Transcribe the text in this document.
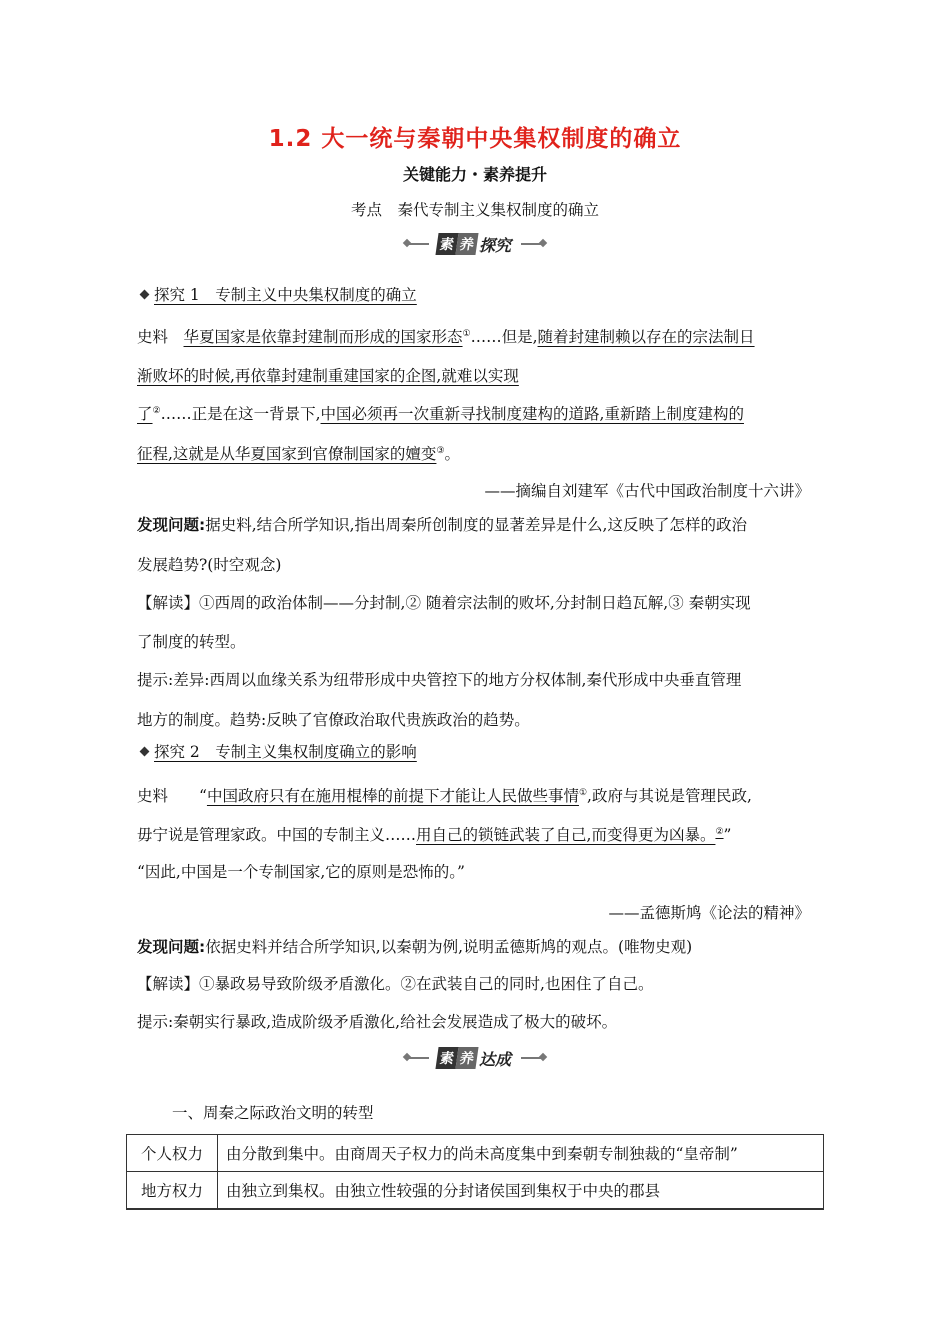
1.2 大一统与秦朝中央集权制度的确立
关键能力・素养提升
考点　秦代专制主义集权制度的确立
素 养 探究
探究 1　专制主义中央集权制度的确立
史料　华夏国家是依靠封建制而形成的国家形态①……但是,随着封建制赖以存在的宗法制日
渐败坏的时候,再依靠封建制重建国家的企图,就难以实现
了②……正是在这一背景下,中国必须再一次重新寻找制度建构的道路,重新踏上制度建构的
征程,这就是从华夏国家到官僚制国家的嬗变③。
——摘编自刘建军《古代中国政治制度十六讲》
发现问题:据史料,结合所学知识,指出周秦所创制度的显著差异是什么,这反映了怎样的政治
发展趋势?(时空观念)
【解读】①西周的政治体制——分封制,② 随着宗法制的败坏,分封制日趋瓦解,③ 秦朝实现
了制度的转型。
提示:差异:西周以血缘关系为纽带形成中央管控下的地方分权体制,秦代形成中央垂直管理
地方的制度。趋势:反映了官僚政治取代贵族政治的趋势。
探究 2　专制主义集权制度确立的影响
史料　　“中国政府只有在施用棍棒的前提下才能让人民做些事情①,政府与其说是管理民政,
毋宁说是管理家政。中国的专制主义……用自己的锁链武装了自己,而变得更为凶暴。②”
“因此,中国是一个专制国家,它的原则是恐怖的。”
——孟德斯鸠《论法的精神》
发现问题:依据史料并结合所学知识,以秦朝为例,说明孟德斯鸠的观点。(唯物史观)
【解读】①暴政易导致阶级矛盾激化。②在武装自己的同时,也困住了自己。
提示:秦朝实行暴政,造成阶级矛盾激化,给社会发展造成了极大的破坏。
素 养 达成
一、周秦之际政治文明的转型
个人权力	由分散到集中。由商周天子权力的尚未高度集中到秦朝专制独裁的“皇帝制”
地方权力	由独立到集权。由独立性较强的分封诸侯国到集权于中央的郡县
